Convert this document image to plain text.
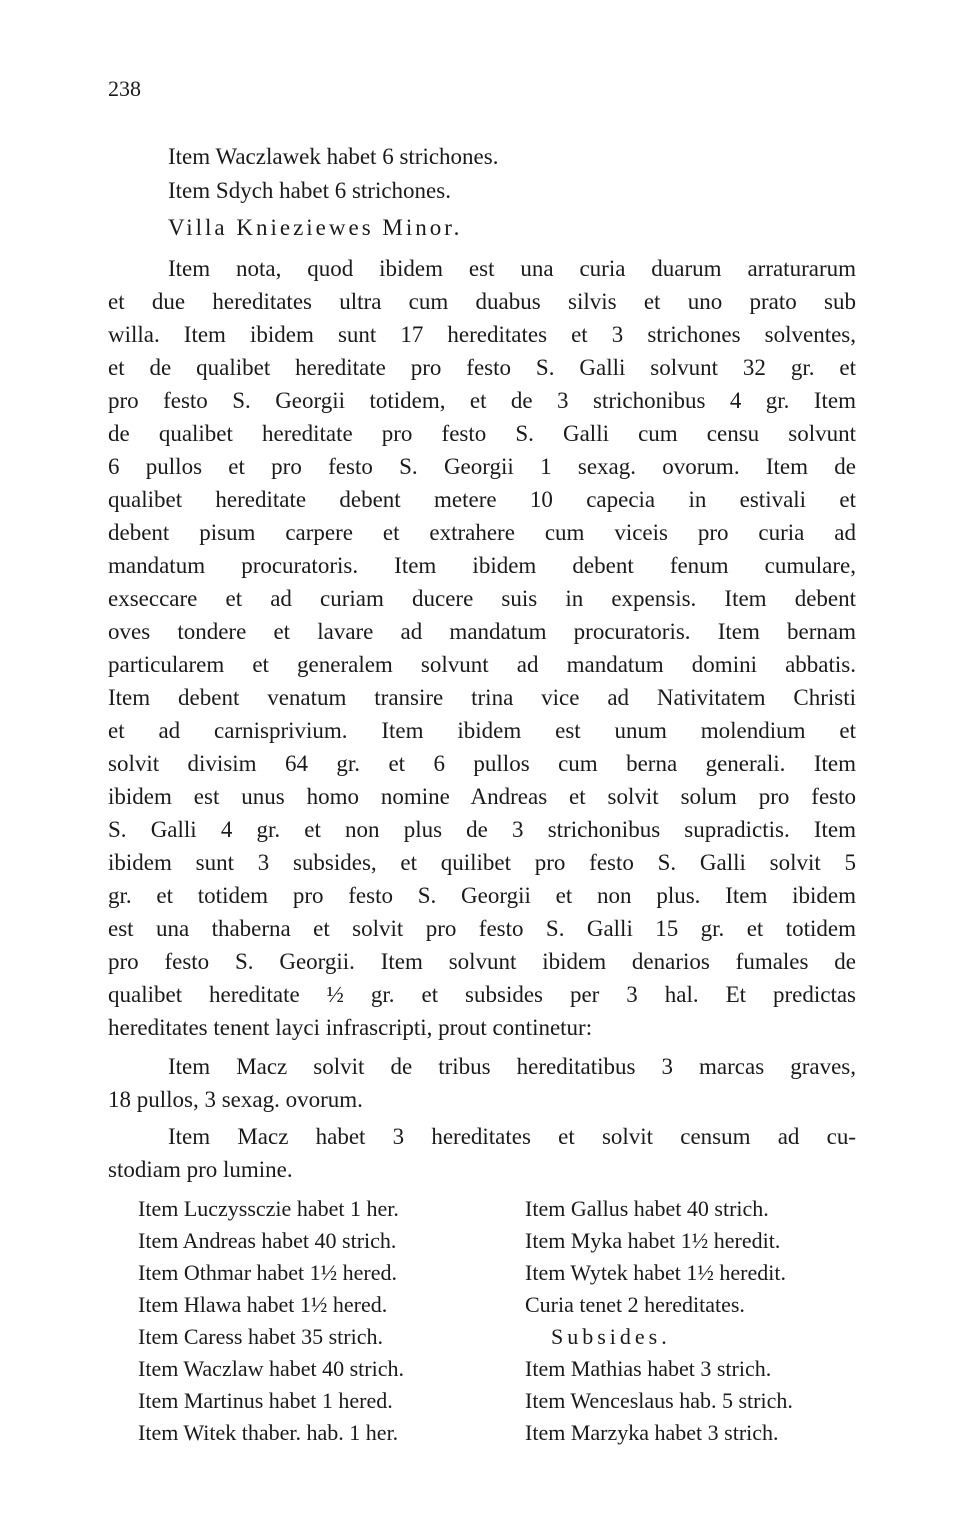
238
Item Waczlawek habet 6 strichones.
Item Sdych habet 6 strichones.
Villa Knieziewes Minor.
Item nota, quod ibidem est una curia duarum arraturarum
et due hereditates ultra cum duabus silvis et uno prato sub
willa. Item ibidem sunt 17 hereditates et 3 strichones solventes,
et de qualibet hereditate pro festo S. Galli solvunt 32 gr. et
pro festo S. Georgii totidem, et de 3 strichonibus 4 gr. Item
de qualibet hereditate pro festo S. Galli cum censu solvunt
6 pullos et pro festo S. Georgii 1 sexag. ovorum. Item de
qualibet hereditate debent metere 10 capecia in estivali et
debent pisum carpere et extrahere cum viceis pro curia ad
mandatum procuratoris. Item ibidem debent fenum cumulare,
exseccare et ad curiam ducere suis in expensis. Item debent
oves tondere et lavare ad mandatum procuratoris. Item bernam
particularem et generalem solvunt ad mandatum domini abbatis.
Item debent venatum transire trina vice ad Nativitatem Christi
et ad carnisprivium. Item ibidem est unum molendium et
solvit divisim 64 gr. et 6 pullos cum berna generali. Item
ibidem est unus homo nomine Andreas et solvit solum pro festo
S. Galli 4 gr. et non plus de 3 strichonibus supradictis. Item
ibidem sunt 3 subsides, et quilibet pro festo S. Galli solvit 5
gr. et totidem pro festo S. Georgii et non plus. Item ibidem
est una thaberna et solvit pro festo S. Galli 15 gr. et totidem
pro festo S. Georgii. Item solvunt ibidem denarios fumales de
qualibet hereditate ½ gr. et subsides per 3 hal. Et predictas
hereditates tenent layci infrascripti, prout continetur:
Item Macz solvit de tribus hereditatibus 3 marcas graves,
18 pullos, 3 sexag. ovorum.
Item Macz habet 3 hereditates et solvit censum ad cu-
stodiam pro lumine.
Item Luczyssczie habet 1 her.
Item Andreas habet 40 strich.
Item Othmar habet 1½ hered.
Item Hlawa habet 1½ hered.
Item Caress habet 35 strich.
Item Waczlaw habet 40 strich.
Item Martinus habet 1 hered.
Item Witek thaber. hab. 1 her.
Item Gallus habet 40 strich.
Item Myka habet 1½ heredit.
Item Wytek habet 1½ heredit.
Curia tenet 2 hereditates.
Subsides.
Item Mathias habet 3 strich.
Item Wenceslaus hab. 5 strich.
Item Marzyka habet 3 strich.
